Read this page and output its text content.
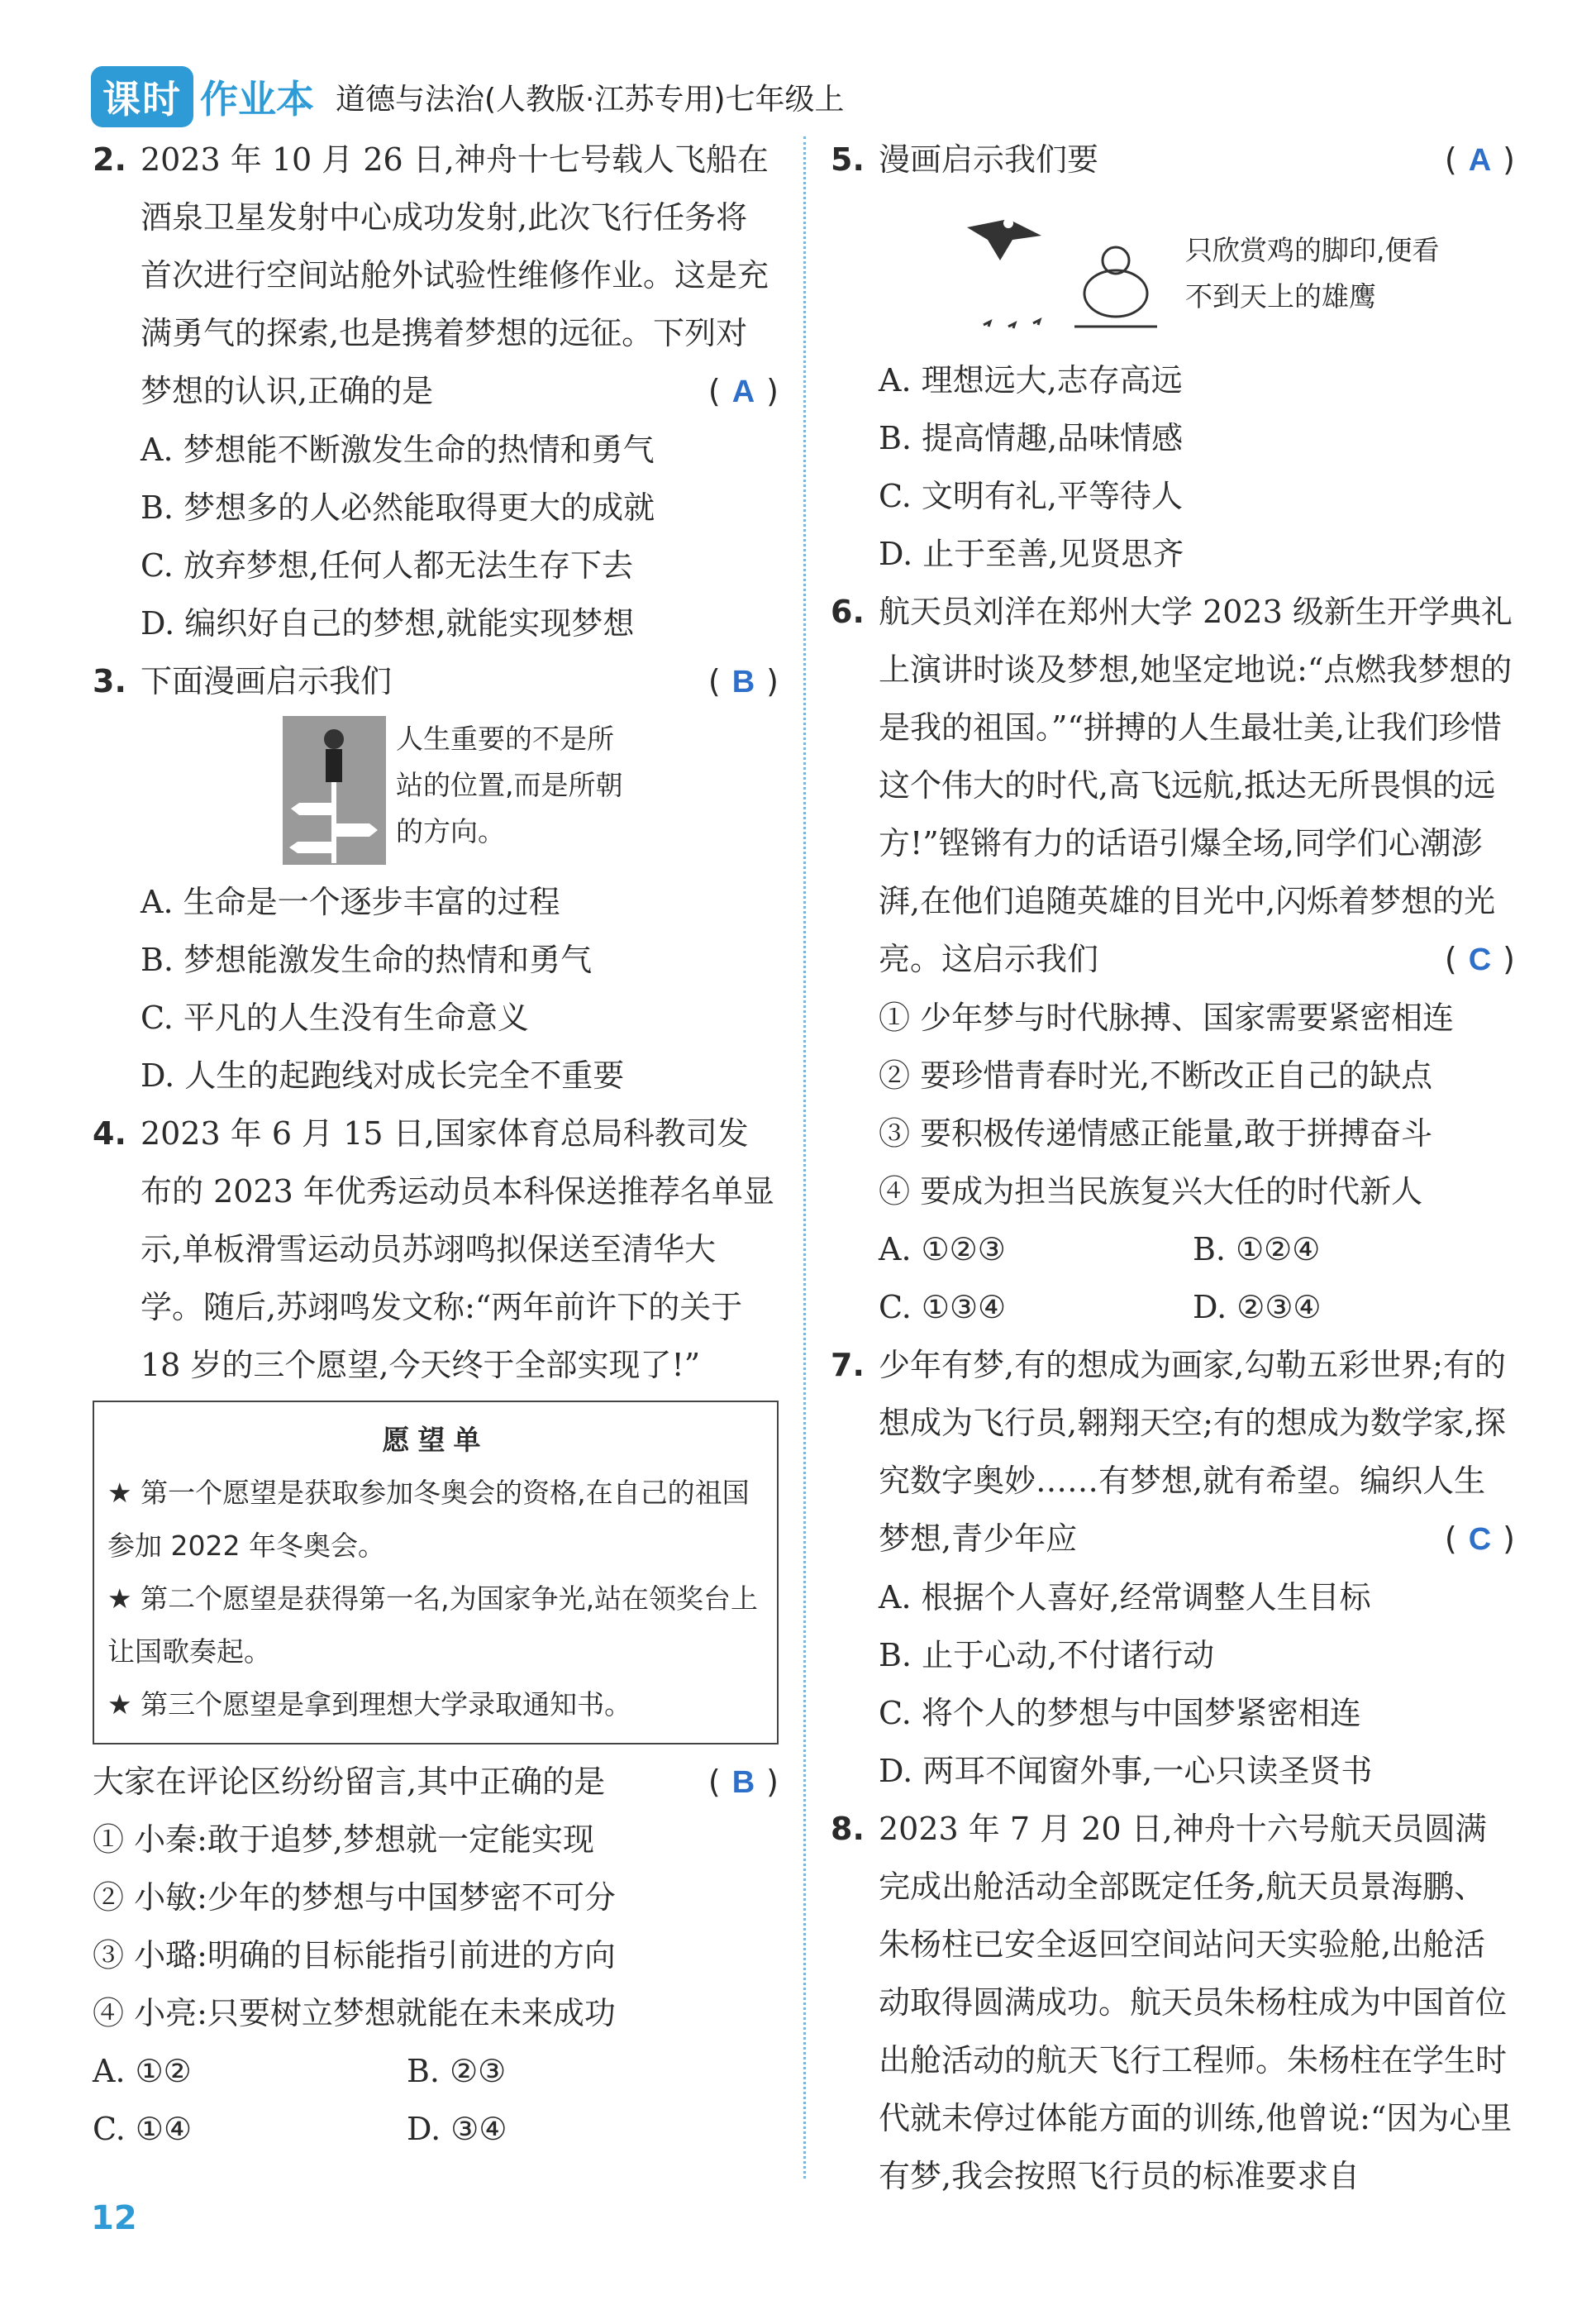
课时 作业本 道德与法治(人教版·江苏专用)七年级上
2. 2023 年 10 月 26 日,神舟十七号载人飞船在酒泉卫星发射中心成功发射,此次飞行任务将首次进行空间站舱外试验性维修作业。这是充满勇气的探索,也是携着梦想的远征。下列对梦想的认识,正确的是	( A )
A. 梦想能不断激发生命的热情和勇气
B. 梦想多的人必然能取得更大的成就
C. 放弃梦想,任何人都无法生存下去
D. 编织好自己的梦想,就能实现梦想
3. 下面漫画启示我们	( B )
人生重要的不是所站的位置,而是所朝的方向。
A. 生命是一个逐步丰富的过程
B. 梦想能激发生命的热情和勇气
C. 平凡的人生没有生命意义
D. 人生的起跑线对成长完全不重要
4. 2023 年 6 月 15 日,国家体育总局科教司发布的 2023 年优秀运动员本科保送推荐名单显示,单板滑雪运动员苏翊鸣拟保送至清华大学。随后,苏翊鸣发文称:“两年前许下的关于 18 岁的三个愿望,今天终于全部实现了!”
愿望单
★ 第一个愿望是获取参加冬奥会的资格,在自己的祖国参加 2022 年冬奥会。
★ 第二个愿望是获得第一名,为国家争光,站在领奖台上让国歌奏起。
★ 第三个愿望是拿到理想大学录取通知书。
大家在评论区纷纷留言,其中正确的是	( B )
① 小秦:敢于追梦,梦想就一定能实现
② 小敏:少年的梦想与中国梦密不可分
③ 小璐:明确的目标能指引前进的方向
④ 小亮:只要树立梦想就能在未来成功
A. ①②	B. ②③
C. ①④	D. ③④
5. 漫画启示我们要	( A )
只欣赏鸡的脚印,便看不到天上的雄鹰
A. 理想远大,志存高远
B. 提高情趣,品味情感
C. 文明有礼,平等待人
D. 止于至善,见贤思齐
6. 航天员刘洋在郑州大学 2023 级新生开学典礼上演讲时谈及梦想,她坚定地说:“点燃我梦想的是我的祖国。”“拼搏的人生最壮美,让我们珍惜这个伟大的时代,高飞远航,抵达无所畏惧的远方!”铿锵有力的话语引爆全场,同学们心潮澎湃,在他们追随英雄的目光中,闪烁着梦想的光亮。这启示我们	( C )
① 少年梦与时代脉搏、国家需要紧密相连
② 要珍惜青春时光,不断改正自己的缺点
③ 要积极传递情感正能量,敢于拼搏奋斗
④ 要成为担当民族复兴大任的时代新人
A. ①②③	B. ①②④
C. ①③④	D. ②③④
7. 少年有梦,有的想成为画家,勾勒五彩世界;有的想成为飞行员,翱翔天空;有的想成为数学家,探究数字奥妙……有梦想,就有希望。编织人生梦想,青少年应	( C )
A. 根据个人喜好,经常调整人生目标
B. 止于心动,不付诸行动
C. 将个人的梦想与中国梦紧密相连
D. 两耳不闻窗外事,一心只读圣贤书
8. 2023 年 7 月 20 日,神舟十六号航天员圆满完成出舱活动全部既定任务,航天员景海鹏、朱杨柱已安全返回空间站问天实验舱,出舱活动取得圆满成功。航天员朱杨柱成为中国首位出舱活动的航天飞行工程师。朱杨柱在学生时代就未停过体能方面的训练,他曾说:“因为心里有梦,我会按照飞行员的标准要求自
12
